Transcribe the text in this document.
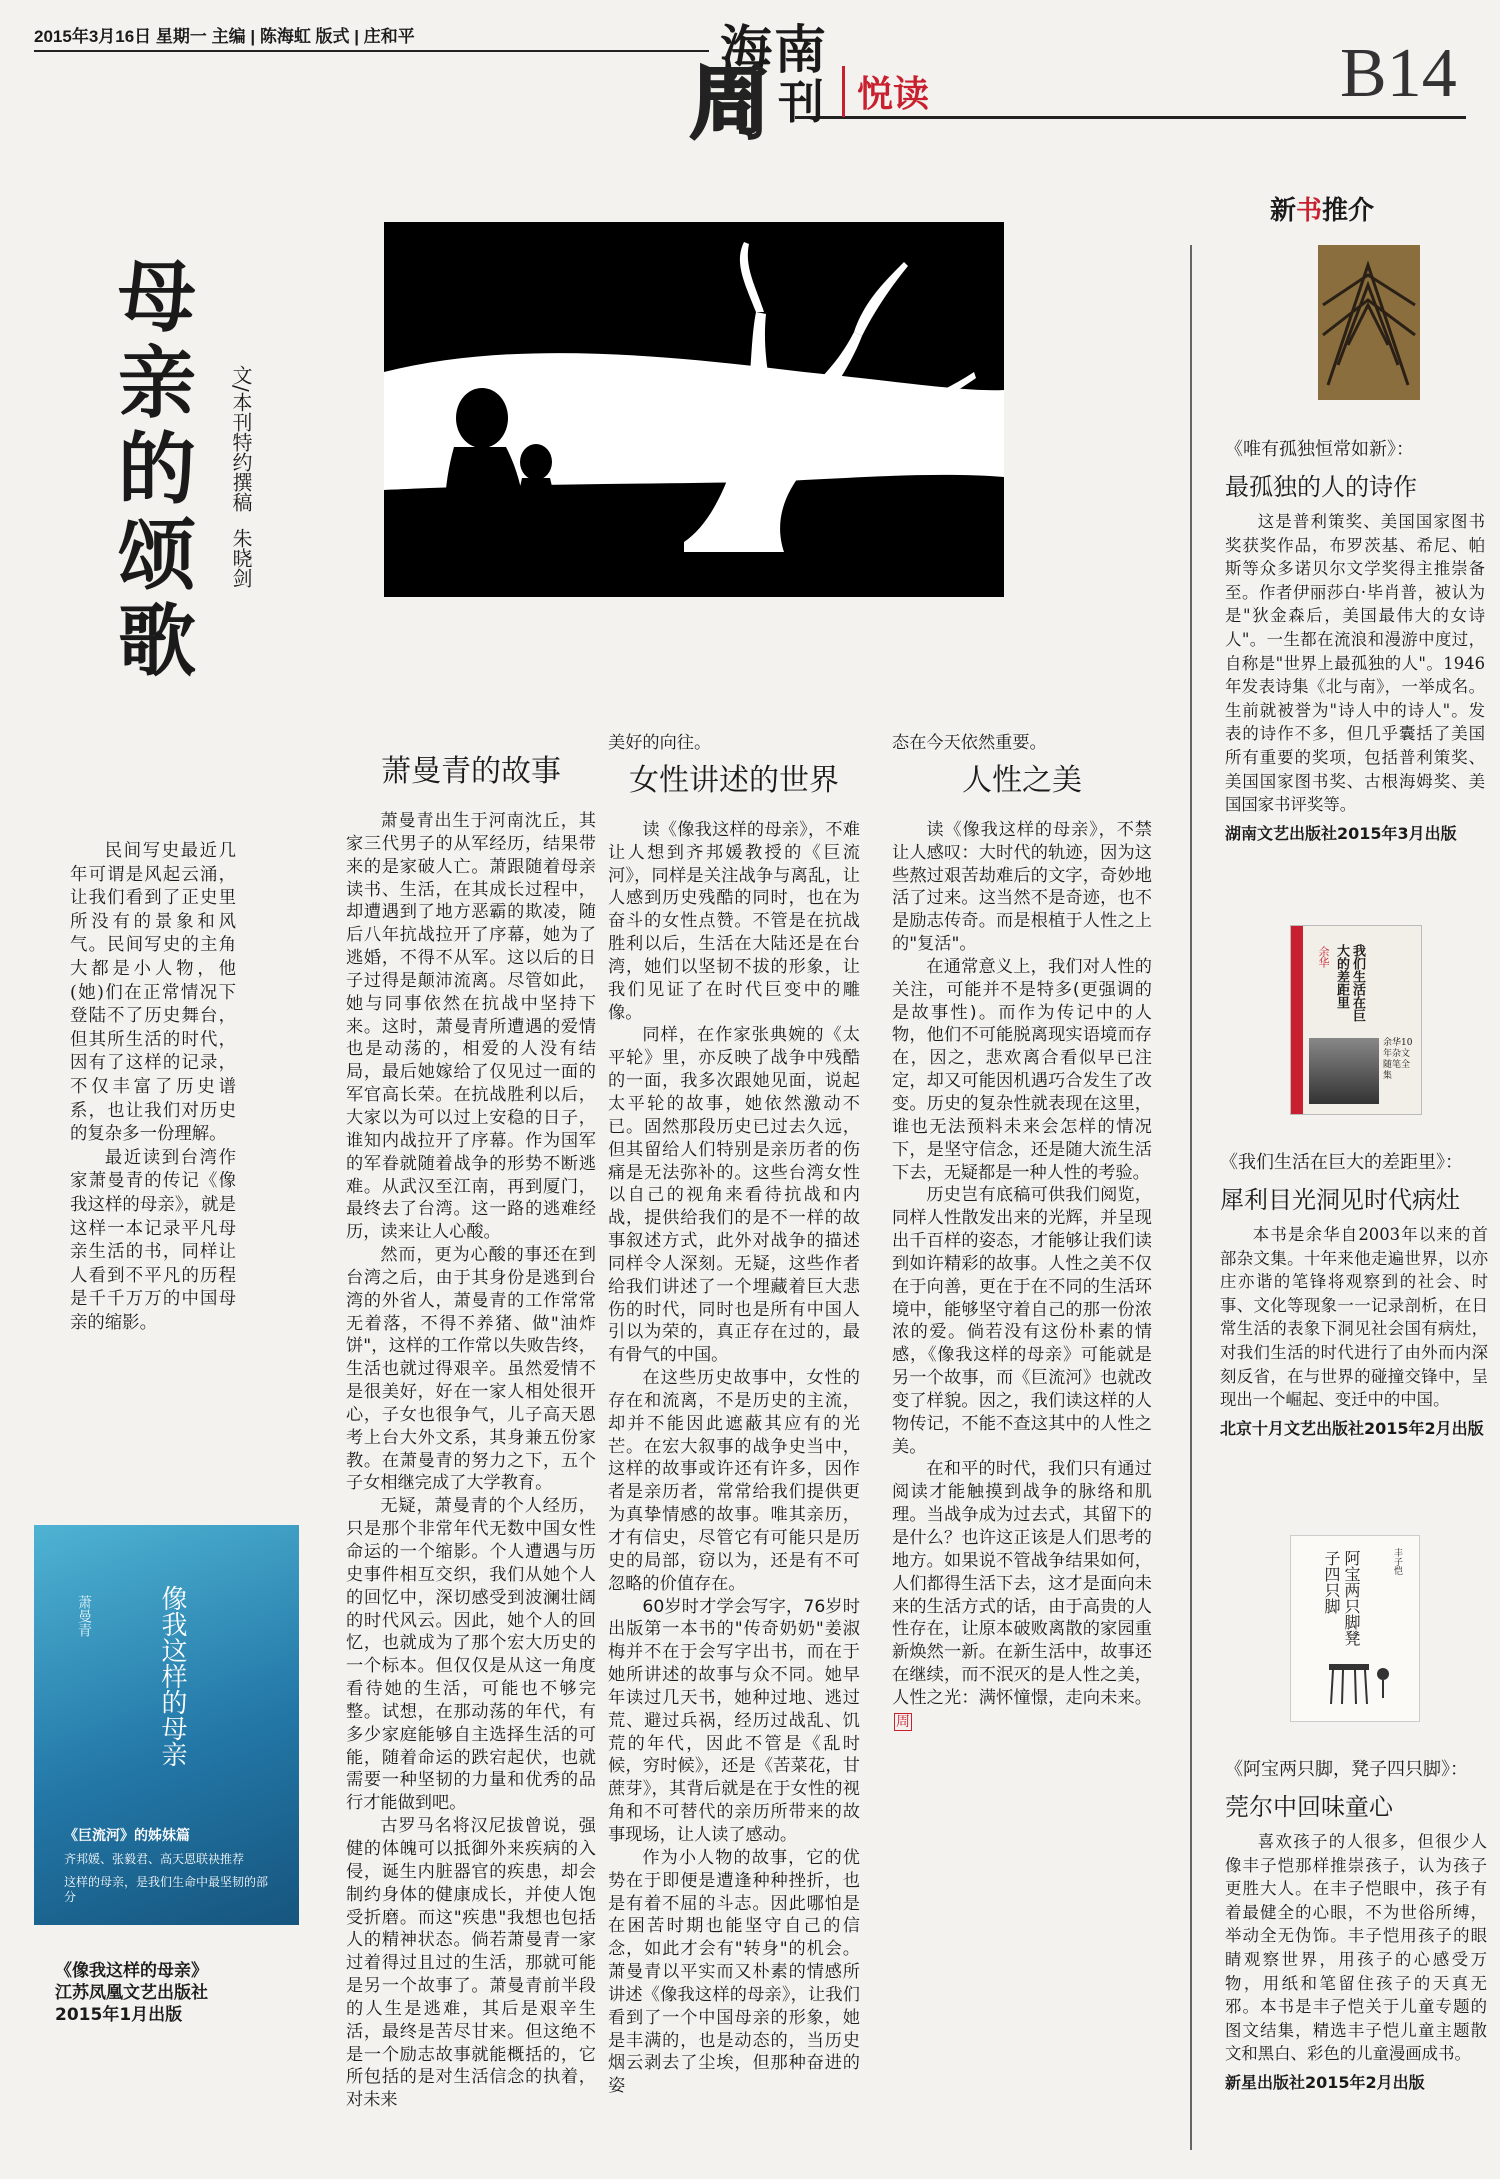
2015年3月16日 星期一 主编 | 陈海虹 版式 | 庄和平	海南
周 刊 悦读	B14
母亲的颂歌
文/本刊特约撰稿 朱晓剑

民间写史最近几年可谓是风起云涌，让我们看到了正史里所没有的景象和风气。民间写史的主角大都是小人物，他(她)们在正常情况下登陆不了历史舞台，但其所生活的时代，因有了这样的记录，不仅丰富了历史谱系，也让我们对历史的复杂多一份理解。

最近读到台湾作家萧曼青的传记《像我这样的母亲》，就是这样一本记录平凡母亲生活的书，同样让人看到不平凡的历程是千千万万的中国母亲的缩影。

萧曼青的故事

萧曼青出生于河南沈丘，其家三代男子的从军经历，结果带来的是家破人亡。萧跟随着母亲读书、生活，在其成长过程中，却遭遇到了地方恶霸的欺凌，随后八年抗战拉开了序幕，她为了逃婚，不得不从军。这以后的日子过得是颠沛流离。尽管如此，她与同事依然在抗战中坚持下来。这时，萧曼青所遭遇的爱情也是动荡的，相爱的人没有结局，最后她嫁给了仅见过一面的军官高长荣。在抗战胜利以后，大家以为可以过上安稳的日子，谁知内战拉开了序幕。作为国军的军眷就随着战争的形势不断逃难。从武汉至江南，再到厦门，最终去了台湾。这一路的逃难经历，读来让人心酸。

然而，更为心酸的事还在到台湾之后，由于其身份是逃到台湾的外省人，萧曼青的工作常常无着落，不得不养猪、做"油炸饼"，这样的工作常以失败告终，生活也就过得艰辛。虽然爱情不是很美好，好在一家人相处很开心，子女也很争气，儿子高天恩考上台大外文系，其身兼五份家教。在萧曼青的努力之下，五个子女相继完成了大学教育。

无疑，萧曼青的个人经历，只是那个非常年代无数中国女性命运的一个缩影。个人遭遇与历史事件相互交织，我们从她个人的回忆中，深切感受到波澜壮阔的时代风云。因此，她个人的回忆，也就成为了那个宏大历史的一个标本。但仅仅是从这一角度看待她的生活，可能也不够完整。试想，在那动荡的年代，有多少家庭能够自主选择生活的可能，随着命运的跌宕起伏，也就需要一种坚韧的力量和优秀的品行才能做到吧。

古罗马名将汉尼拔曾说，强健的体魄可以抵御外来疾病的入侵，诞生内脏器官的疾患，却会制约身体的健康成长，并使人饱受折磨。而这"疾患"我想也包括人的精神状态。倘若萧曼青一家过着得过且过的生活，那就可能是另一个故事了。萧曼青前半段的人生是逃难，其后是艰辛生活，最终是苦尽甘来。但这绝不是一个励志故事就能概括的，它所包括的是对生活信念的执着，对未来

美好的向往。

女性讲述的世界

读《像我这样的母亲》，不难让人想到齐邦媛教授的《巨流河》，同样是关注战争与离乱，让人感到历史残酷的同时，也在为奋斗的女性点赞。不管是在抗战胜利以后，生活在大陆还是在台湾，她们以坚韧不拔的形象，让我们见证了在时代巨变中的雕像。

同样，在作家张典婉的《太平轮》里，亦反映了战争中残酷的一面，我多次跟她见面，说起太平轮的故事，她依然激动不已。固然那段历史已过去久远，但其留给人们特别是亲历者的伤痛是无法弥补的。这些台湾女性以自己的视角来看待抗战和内战，提供给我们的是不一样的故事叙述方式，此外对战争的描述同样令人深刻。无疑，这些作者给我们讲述了一个埋藏着巨大悲伤的时代，同时也是所有中国人引以为荣的，真正存在过的，最有骨气的中国。

在这些历史故事中，女性的存在和流离，不是历史的主流，却并不能因此遮蔽其应有的光芒。在宏大叙事的战争史当中，这样的故事或许还有许多，因作者是亲历者，常常给我们提供更为真挚情感的故事。唯其亲历，才有信史，尽管它有可能只是历史的局部，窃以为，还是有不可忽略的价值存在。

60岁时才学会写字，76岁时出版第一本书的"传奇奶奶"姜淑梅并不在于会写字出书，而在于她所讲述的故事与众不同。她早年读过几天书，她种过地、逃过荒、避过兵祸，经历过战乱、饥荒的年代，因此不管是《乱时候，穷时候》，还是《苦菜花，甘蔗芽》，其背后就是在于女性的视角和不可替代的亲历所带来的故事现场，让人读了感动。

作为小人物的故事，它的优势在于即便是遭逢种种挫折，也是有着不屈的斗志。因此哪怕是在困苦时期也能坚守自己的信念，如此才会有"转身"的机会。萧曼青以平实而又朴素的情感所讲述《像我这样的母亲》，让我们看到了一个中国母亲的形象，她是丰满的，也是动态的，当历史烟云剥去了尘埃，但那种奋进的姿

态在今天依然重要。

人性之美

读《像我这样的母亲》，不禁让人感叹：大时代的轨迹，因为这些熬过艰苦劫难后的文字，奇妙地活了过来。这当然不是奇迹，也不是励志传奇。而是根植于人性之上的"复活"。

在通常意义上，我们对人性的关注，可能并不是特多(更强调的是故事性)。而作为传记中的人物，他们不可能脱离现实语境而存在，因之，悲欢离合看似早已注定，却又可能因机遇巧合发生了改变。历史的复杂性就表现在这里，谁也无法预料未来会怎样的情况下，是坚守信念，还是随大流生活下去，无疑都是一种人性的考验。

历史岂有底稿可供我们阅览，同样人性散发出来的光辉，并呈现出千百样的姿态，才能够让我们读到如许精彩的故事。人性之美不仅在于向善，更在于在不同的生活环境中，能够坚守着自己的那一份浓浓的爱。倘若没有这份朴素的情感，《像我这样的母亲》可能就是另一个故事，而《巨流河》也就改变了样貌。因之，我们读这样的人物传记，不能不查这其中的人性之美。

在和平的时代，我们只有通过阅读才能触摸到战争的脉络和肌理。当战争成为过去式，其留下的是什么？也许这正该是人们思考的地方。如果说不管战争结果如何，人们都得生活下去，这才是面向未来的生活方式的话，由于高贵的人性存在，让原本破败离散的家园重新焕然一新。在新生活中，故事还在继续，而不泯灭的是人性之美，人性之光：满怀憧憬，走向未来。周

像我这样的母亲
萧曼青
《巨流河》的姊妹篇
齐邦媛、张毅君、高天恩联袂推荐
这样的母亲，是我们生命中最坚韧的部分
《像我这样的母亲》
江苏凤凰文艺出版社
2015年1月出版
新书推介
《唯有孤独恒常如新》：
最孤独的人的诗作
这是普利策奖、美国国家图书奖获奖作品，布罗茨基、希尼、帕斯等众多诺贝尔文学奖得主推崇备至。作者伊丽莎白·毕肖普，被认为是"狄金森后，美国最伟大的女诗人"。一生都在流浪和漫游中度过，自称是"世界上最孤独的人"。1946年发表诗集《北与南》，一举成名。生前就被誉为"诗人中的诗人"。发表的诗作不多，但几乎囊括了美国所有重要的奖项，包括普利策奖、美国国家图书奖、古根海姆奖、美国国家书评奖等。
湖南文艺出版社2015年3月出版
我们生活在巨大的差距里
余华
余华10年杂文随笔全集
《我们生活在巨大的差距里》：
犀利目光洞见时代病灶
本书是余华自2003年以来的首部杂文集。十年来他走遍世界，以亦庄亦谐的笔锋将观察到的社会、时事、文化等现象一一记录剖析，在日常生活的表象下洞见社会国有病灶，对我们生活的时代进行了由外而内深刻反省，在与世界的碰撞交锋中，呈现出一个崛起、变迁中的中国。
北京十月文艺出版社2015年2月出版
阿宝两只脚凳子四只脚	丰子恺
《阿宝两只脚，凳子四只脚》：
莞尔中回味童心
喜欢孩子的人很多，但很少人像丰子恺那样推崇孩子，认为孩子更胜大人。在丰子恺眼中，孩子有着最健全的心眼，不为世俗所缚，举动全无伪饰。丰子恺用孩子的眼睛观察世界，用孩子的心感受万物，用纸和笔留住孩子的天真无邪。本书是丰子恺关于儿童专题的图文结集，精选丰子恺儿童主题散文和黑白、彩色的儿童漫画成书。
新星出版社2015年2月出版
